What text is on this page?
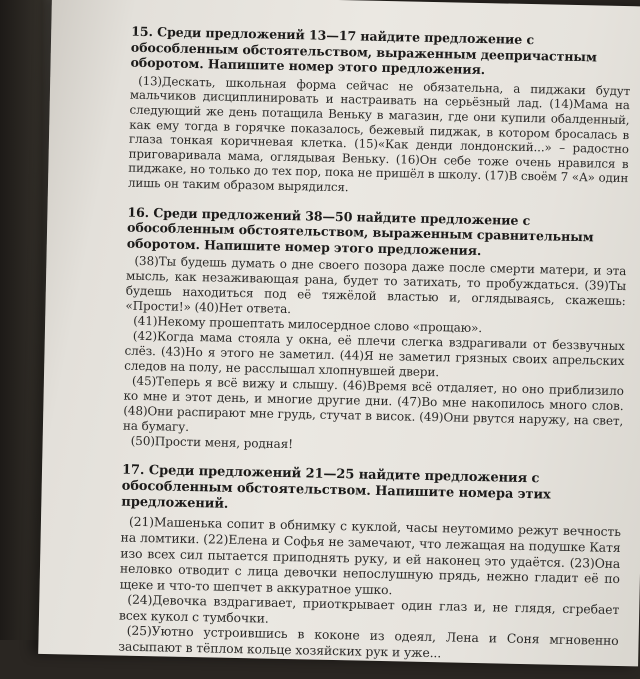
15. Среди предложений 13—17 найдите предложение с обособленным обстоятельством, выраженным деепричастным оборотом. Напишите номер этого предложения.

(13)Дескать, школьная форма сейчас не обязательна, а пиджаки будут мальчиков дисциплинировать и настраивать на серьёзный лад. (14)Мама на следующий же день потащила Веньку в магазин, где они купили обалденный, как ему тогда в горячке показалось, бежевый пиджак, в котором бросалась в глаза тонкая коричневая клетка. (15)«Как денди лондонский...» – радостно приговаривала мама, оглядывая Веньку. (16)Он себе тоже очень нравился в пиджаке, но только до тех пор, пока не пришёл в школу. (17)В своём 7 «А» один лишь он таким образом вырядился.

16. Среди предложений 38—50 найдите предложение с обособленным обстоятельством, выраженным сравнительным оборотом. Напишите номер этого предложения.

(38)Ты будешь думать о дне своего позора даже после смерти матери, и эта мысль, как незаживающая рана, будет то затихать, то пробуждаться. (39)Ты будешь находиться под её тяжёлой властью и, оглядываясь, скажешь: «Прости!» (40)Нет ответа.

(41)Некому прошептать милосердное слово «прощаю».

(42)Когда мама стояла у окна, её плечи слегка вздрагивали от беззвучных слёз. (43)Но я этого не заметил. (44)Я не заметил грязных своих апрельских следов на полу, не расслышал хлопнувшей двери.

(45)Теперь я всё вижу и слышу. (46)Время всё отдаляет, но оно приблизило ко мне и этот день, и многие другие дни. (47)Во мне накопилось много слов. (48)Они распирают мне грудь, стучат в висок. (49)Они рвутся наружу, на свет, на бумагу.

(50)Прости меня, родная!

17. Среди предложений 21—25 найдите предложения с обособленным обстоятельством. Напишите номера этих предложений.

(21)Машенька сопит в обнимку с куклой, часы неутомимо режут вечность на ломтики. (22)Елена и Софья не замечают, что лежащая на подушке Катя изо всех сил пытается приподнять руку, и ей наконец это удаётся. (23)Она неловко отводит с лица девочки непослушную прядь, нежно гладит её по щеке и что-то шепчет в аккуратное ушко.

(24)Девочка вздрагивает, приоткрывает один глаз и, не глядя, сгребает всех кукол с тумбочки.

(25)Уютно устроившись в коконе из одеял, Лена и Соня мгновенно засыпают в тёплом кольце хозяйских рук и уже...
